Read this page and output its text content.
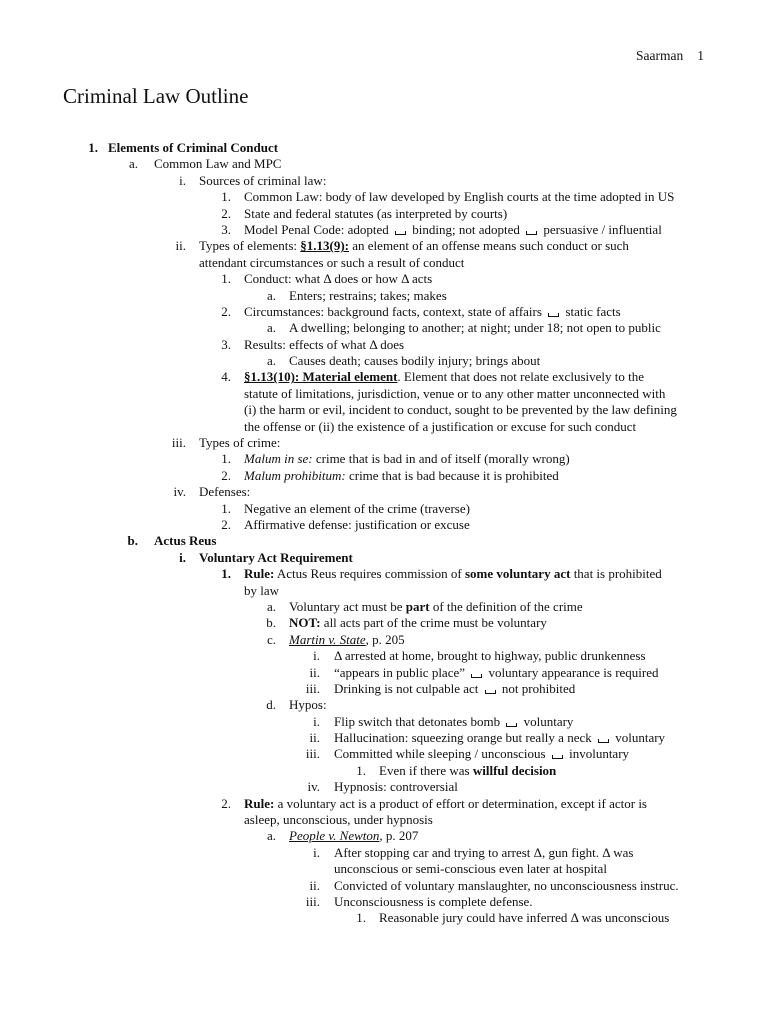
Saarman 1
Criminal Law Outline
1. Elements of Criminal Conduct
a. Common Law and MPC
i. Sources of criminal law:
1. Common Law: body of law developed by English courts at the time adopted in US
2. State and federal statutes (as interpreted by courts)
3. Model Penal Code: adopted  binding; not adopted  persuasive / influential
ii. Types of elements: §1.13(9): an element of an offense means such conduct or such
attendant circumstances or such a result of conduct
1. Conduct: what Δ does or how Δ acts
a. Enters; restrains; takes; makes
2. Circumstances: background facts, context, state of affairs  static facts
a. A dwelling; belonging to another; at night; under 18; not open to public
3. Results: effects of what Δ does
a. Causes death; causes bodily injury; brings about
4. §1.13(10): Material element. Element that does not relate exclusively to the
statute of limitations, jurisdiction, venue or to any other matter unconnected with
(i) the harm or evil, incident to conduct, sought to be prevented by the law defining
the offense or (ii) the existence of a justification or excuse for such conduct
iii. Types of crime:
1. Malum in se: crime that is bad in and of itself (morally wrong)
2. Malum prohibitum: crime that is bad because it is prohibited
iv. Defenses:
1. Negative an element of the crime (traverse)
2. Affirmative defense: justification or excuse
b. Actus Reus
i. Voluntary Act Requirement
1. Rule: Actus Reus requires commission of some voluntary act that is prohibited
by law
a. Voluntary act must be part of the definition of the crime
b. NOT: all acts part of the crime must be voluntary
c. Martin v. State, p. 205
i. Δ arrested at home, brought to highway, public drunkenness
ii. “appears in public place”  voluntary appearance is required
iii. Drinking is not culpable act  not prohibited
d. Hypos:
i. Flip switch that detonates bomb  voluntary
ii. Hallucination: squeezing orange but really a neck  voluntary
iii. Committed while sleeping / unconscious  involuntary
1. Even if there was willful decision
iv. Hypnosis: controversial
2. Rule: a voluntary act is a product of effort or determination, except if actor is
asleep, unconscious, under hypnosis
a. People v. Newton, p. 207
i. After stopping car and trying to arrest Δ, gun fight. Δ was
unconscious or semi-conscious even later at hospital
ii. Convicted of voluntary manslaughter, no unconsciousness instruc.
iii. Unconsciousness is complete defense.
1. Reasonable jury could have inferred Δ was unconscious
